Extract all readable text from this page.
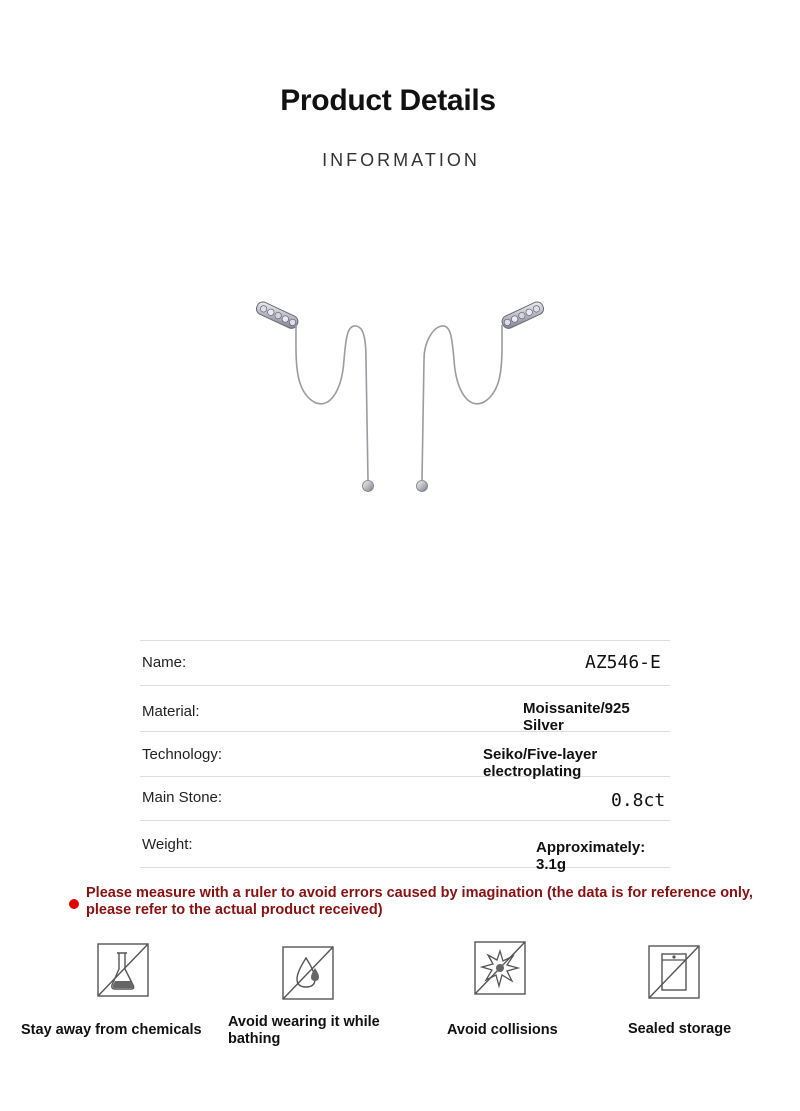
Product Details
INFORMATION
Name:	AZ546-E
Material:	Moissanite/925 Silver
Technology:	Seiko/Five-layer electroplating
Main Stone:	0.8ct
Weight:	Approximately: 3.1g
Please measure with a ruler to avoid errors caused by imagination (the data is for reference only, please refer to the actual product received)
Stay away from chemicals	Avoid wearing it while bathing
Avoid collisions	Sealed storage
